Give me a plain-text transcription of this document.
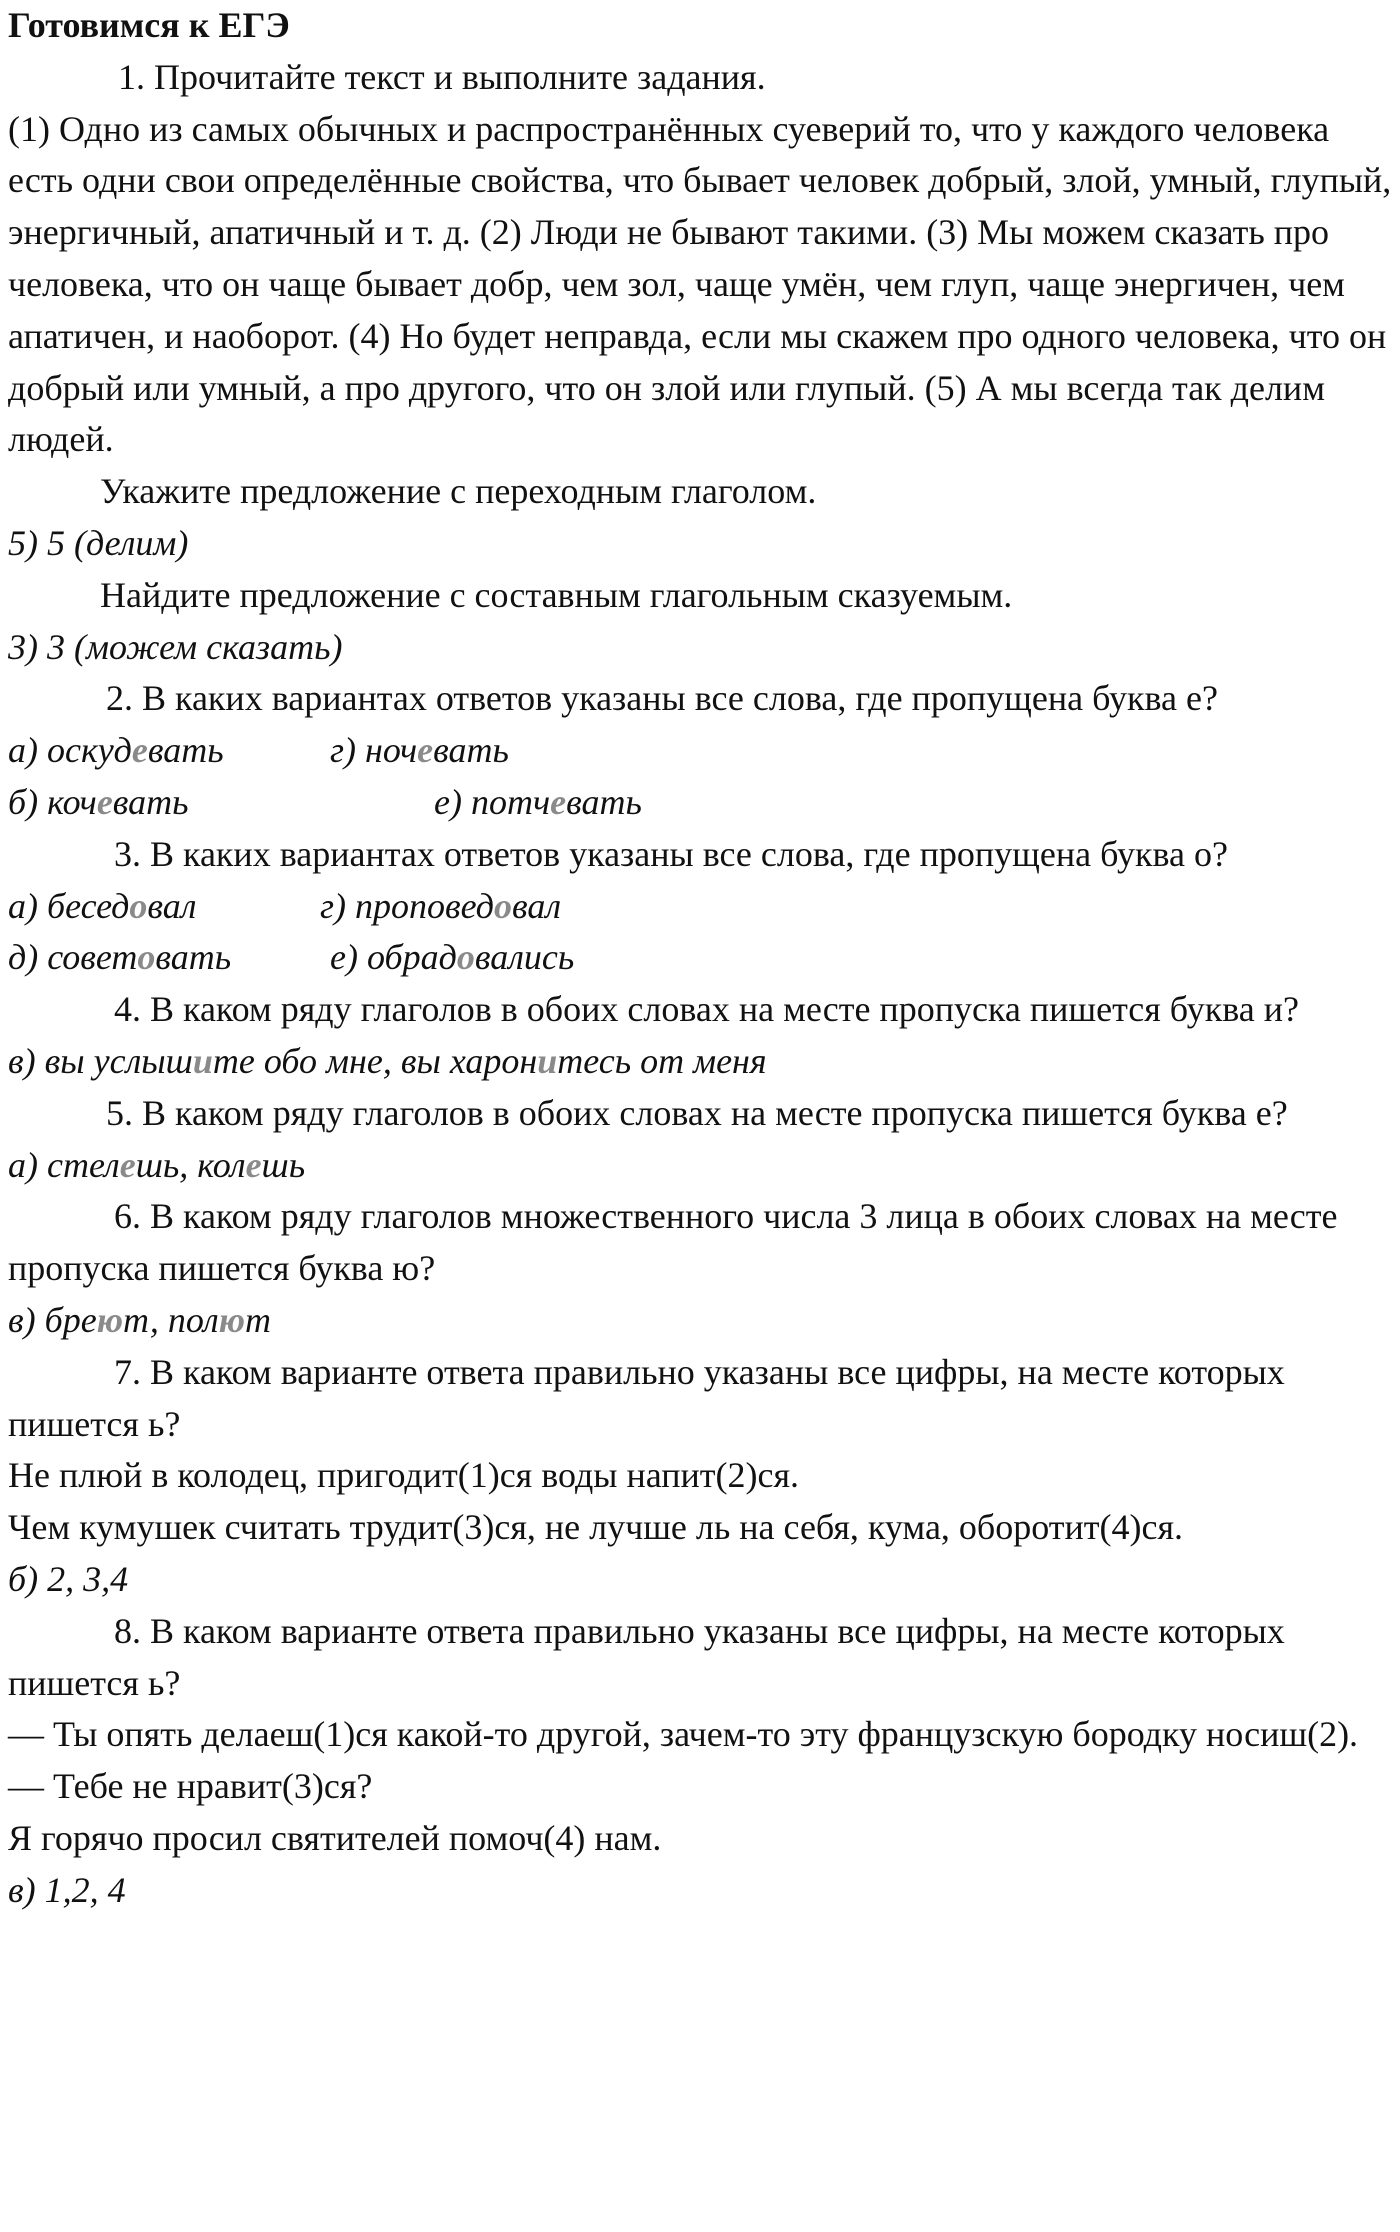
Готовимся к ЕГЭ

1. Прочитайте текст и выполните задания.

(1) Одно из самых обычных и распространённых суеверий то, что у каждого человека есть одни свои определённые свойства, что бывает человек добрый, злой, умный, глупый, энергичный, апатичный и т. д. (2) Люди не бывают такими. (3) Мы можем сказать про человека, что он чаще бывает добр, чем зол, чаще умён, чем глуп, чаще энергичен, чем апатичен, и наоборот. (4) Но будет неправда, если мы скажем про одного человека, что он добрый или умный, а про другого, что он злой или глупый. (5) А мы всегда так делим людей.

Укажите предложение с переходным глаголом.

5) 5 (делим)

Найдите предложение с составным глагольным сказуемым.

3) 3 (можем сказать)

2. В каких вариантах ответов указаны все слова, где пропущена буква е?

а) оскудевать	г) ночевать

б) кочевать	е) потчевать

3. В каких вариантах ответов указаны все слова, где пропущена буква о?

а) беседовал	г) проповедовал

д) советовать	е) обрадовались

4. В каком ряду глаголов в обоих словах на месте пропуска пишется буква и?

в) вы услышите обо мне, вы харонитесь от меня

5. В каком ряду глаголов в обоих словах на месте пропуска пишется буква е?

а) стелешь, колешь

6. В каком ряду глаголов множественного числа 3 лица в обоих словах на месте пропуска пишется буква ю?

в) бреют, полют

7. В каком варианте ответа правильно указаны все цифры, на месте которых пишется ь?

Не плюй в колодец, пригодит(1)ся воды напит(2)ся.

Чем кумушек считать трудит(3)ся, не лучше ль на себя, кума, оборотит(4)ся.

б) 2, 3,4

8. В каком варианте ответа правильно указаны все цифры, на месте которых пишется ь?

— Ты опять делаеш(1)ся какой-то другой, зачем-то эту французскую бородку носиш(2).

— Тебе не нравит(3)ся?

Я горячо просил святителей помоч(4) нам.

в) 1,2, 4
